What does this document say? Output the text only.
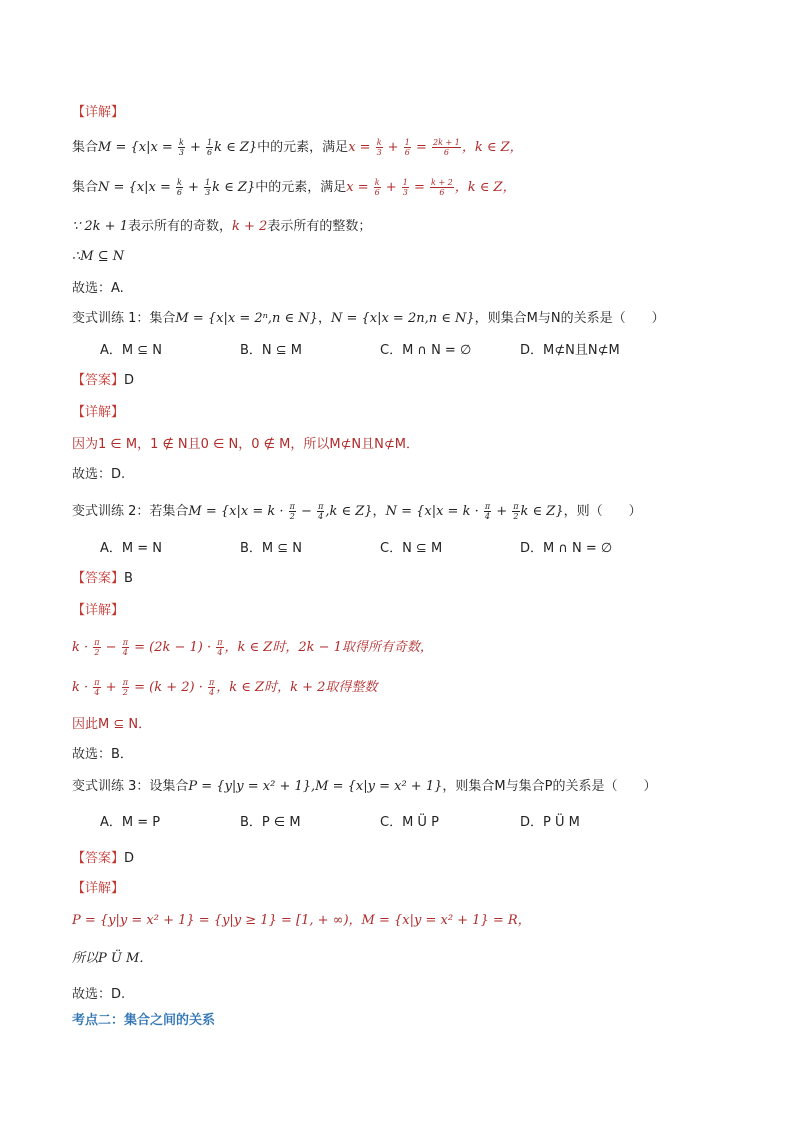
【详解】
集合$M = \{x|x = \frac{k}{3} + \frac{1}{6}$ k ∈ Z}中的元素，满足$x = \frac{k}{3} + \frac{1}{6} = \frac{2k + 1}{6}$ ，k ∈ Z，
集合$N = \{x|x = \frac{k}{6} + \frac{1}{3}$ k ∈ Z}中的元素，满足$x = \frac{k}{6} + \frac{1}{3} = \frac{k + 2}{6}$ ，k ∈ Z，
∵ 2k + 1表示所有的奇数，k + 2表示所有的整数；
∴M ⊆ N
故选：A.
变式训练 1：集合M = {x|x = 2ⁿ,n ∈ N}，N = {x|x = 2n,n ∈ N}，则集合M与N的关系是（　　）
A．M ⊆ N	B．N ⊆ M	C．M ∩ N = ∅	D．M⊄N且N⊄M
【答案】D
【详解】
因为1 ∈ M，1 ∉ N且0 ∈ N，0 ∉ M，所以M⊄N且N⊄M．
故选：D.
变式训练 2：若集合$M = \{x|x = k \cdot \frac{\pi}{2} - \frac{\pi}{4} ,k$ ∈ Z}，$N = \{x|x = k \cdot \frac{\pi}{4} + \frac{\pi}{2}$ k ∈ Z}，则（　　）
A．M = N	B．M ⊆ N	C．N ⊆ M	D．M ∩ N = ∅
【答案】B
【详解】
$k \cdot \frac{\pi}{2} - \frac{\pi}{4} = (2k - 1) \cdot \frac{\pi}{4}$ ，k ∈ Z时，2k − 1取得所有奇数，
$k \cdot \frac{\pi}{4} + \frac{\pi}{2} = (k + 2) \cdot \frac{\pi}{4}$ ，k ∈ Z时，k + 2取得整数
因此M ⊆ N．
故选：B．
变式训练 3：设集合P = {y|y = x² + 1},M = {x|y = x² + 1}，则集合M与集合P的关系是（　　）
A．M = P	B．P ∈ M	C．M Ü P	D．P Ü M
【答案】D
【详解】
P = {y|y = x² + 1} = {y|y ≥ 1} = [1, + ∞)，M = {x|y = x² + 1} = R，
所以P Ü M．
故选：D.
考点二：集合之间的关系
